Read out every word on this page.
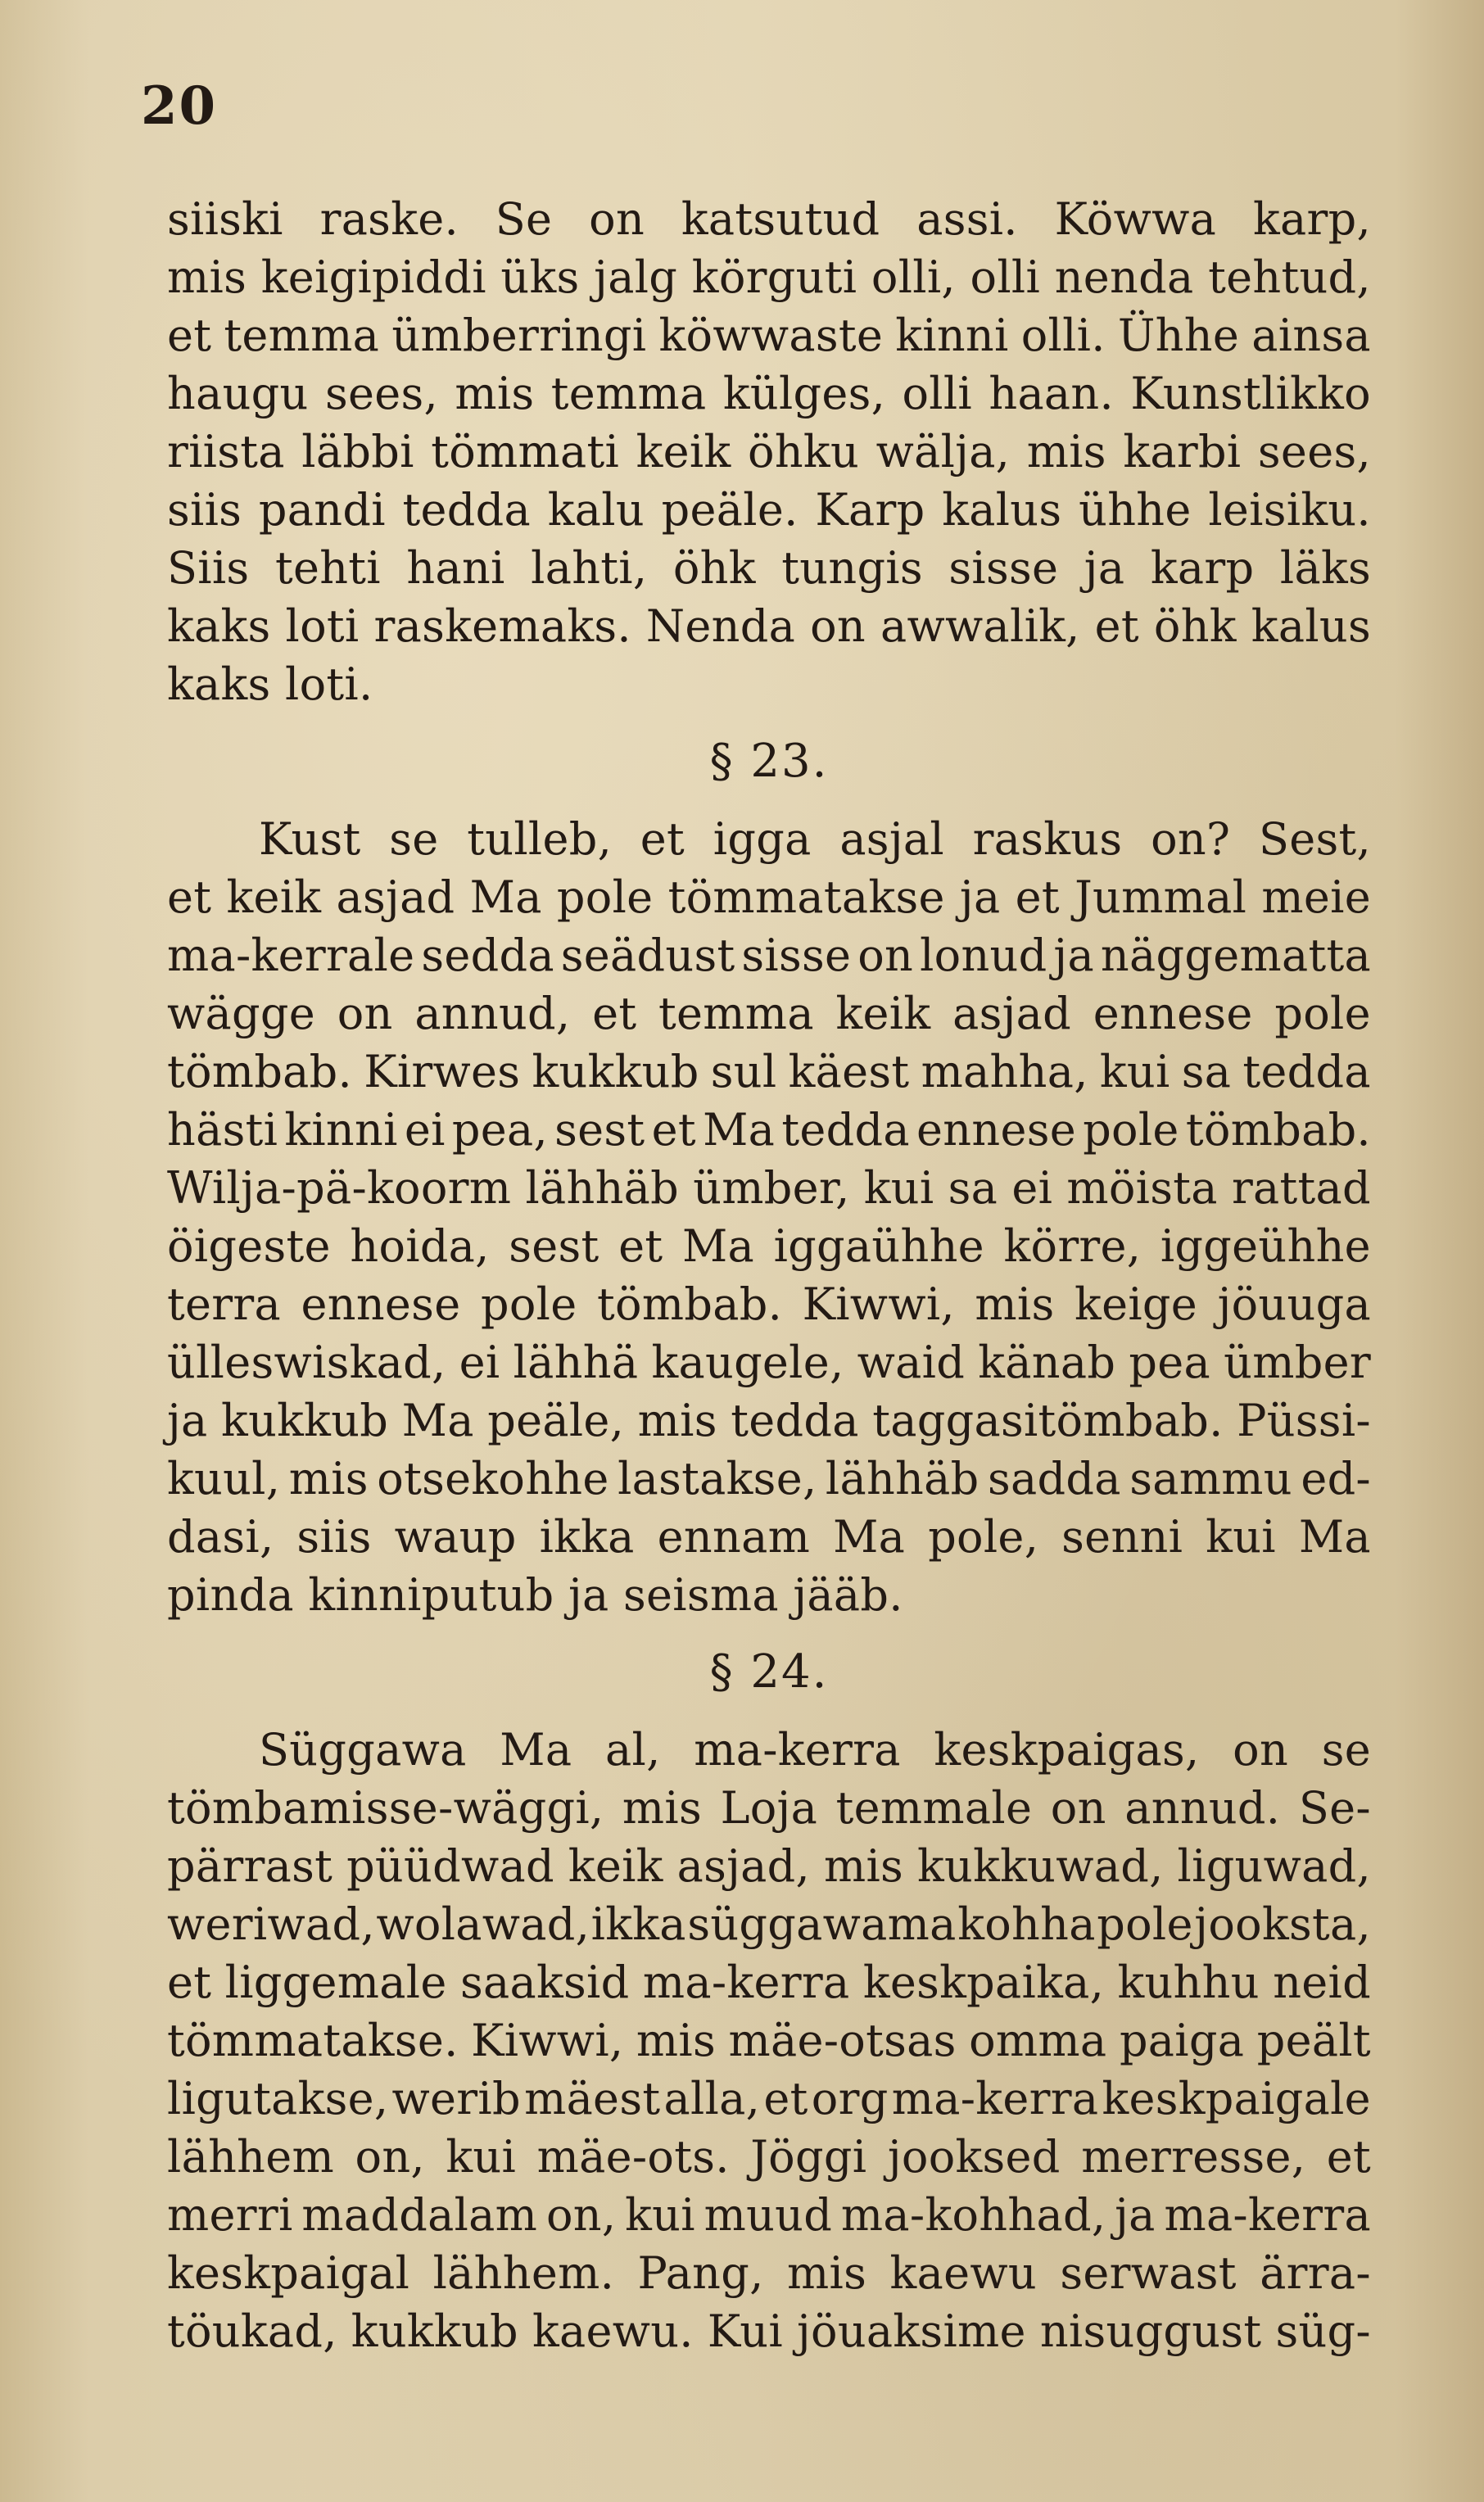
20
siiski raske. Se on katsutud assi. Köwwa karp,
mis keigipiddi üks jalg körguti olli, olli nenda tehtud,
et temma ümberringi köwwaste kinni olli. Ühhe ainsa
haugu sees, mis temma külges, olli haan. Kunstlikko
riista läbbi tömmati keik öhku wälja, mis karbi sees,
siis pandi tedda kalu peäle. Karp kalus ühhe leisiku.
Siis tehti hani lahti, öhk tungis sisse ja karp läks
kaks loti raskemaks. Nenda on awwalik, et öhk kalus
kaks loti.
§ 23.
Kust se tulleb, et igga asjal raskus on? Sest,
et keik asjad Ma pole tömmatakse ja et Jummal meie
ma-kerrale sedda seädust sisse on lonud ja näggematta
wägge on annud, et temma keik asjad ennese pole
tömbab. Kirwes kukkub sul käest mahha, kui sa tedda
hästi kinni ei pea, sest et Ma tedda ennese pole tömbab.
Wilja-pä-koorm lähhäb ümber, kui sa ei möista rattad
öigeste hoida, sest et Ma iggaühhe körre, iggeühhe
terra ennese pole tömbab. Kiwwi, mis keige jöuuga
ülleswiskad, ei lähhä kaugele, waid känab pea ümber
ja kukkub Ma peäle, mis tedda taggasitömbab. Püssi-
kuul, mis otsekohhe lastakse, lähhäb sadda sammu ed-
dasi, siis waup ikka ennam Ma pole, senni kui Ma
pinda kinniputub ja seisma jääb.
§ 24.
Süggawa Ma al, ma-kerra keskpaigas, on se
tömbamisse-wäggi, mis Loja temmale on annud. Se-
pärrast püüdwad keik asjad, mis kukkuwad, liguwad,
weriwad, wolawad, ikka süggawama kohha pole jooksta,
et liggemale saaksid ma-kerra keskpaika, kuhhu neid
tömmatakse. Kiwwi, mis mäe-otsas omma paiga peält
ligutakse, werib mäest alla, et org ma-kerra keskpaigale
lähhem on, kui mäe-ots. Jöggi jooksed merresse, et
merri maddalam on, kui muud ma-kohhad, ja ma-kerra
keskpaigal lähhem. Pang, mis kaewu serwast ärra-
töukad, kukkub kaewu. Kui jöuaksime nisuggust süg-
